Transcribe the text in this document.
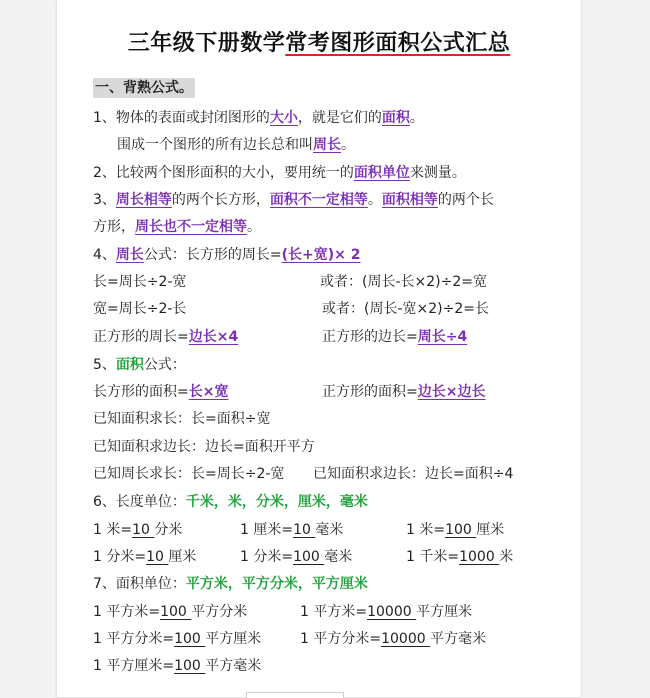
三年级下册数学常考图形面积公式汇总
一、背熟公式。
1、物体的表面或封闭图形的大小，就是它们的面积。
围成一个图形的所有边长总和叫周长。
2、比较两个图形面积的大小，要用统一的面积单位来测量。
3、周长相等的两个长方形，面积不一定相等。面积相等的两个长
方形，周长也不一定相等。
4、周长公式：长方形的周长=(长+宽)× 2
长=周长÷2-宽	或者：(周长-长×2)÷2=宽
宽=周长÷2-长	或者：(周长-宽×2)÷2=长
正方形的周长=边长×4	正方形的边长=周长÷4
5、面积公式：
长方形的面积=长×宽	正方形的面积=边长×边长
已知面积求长：长=面积÷宽
已知面积求边长：边长=面积开平方
已知周长求长：长=周长÷2-宽 已知面积求边长：边长=面积÷4
6、长度单位：千米，米，分米，厘米，毫米
1 米=10 分米	1 厘米=10 毫米	1 米=100 厘米
1 分米=10 厘米	1 分米=100 毫米	1 千米=1000 米
7、面积单位：平方米，平方分米，平方厘米
1 平方米=100 平方分米	1 平方米=10000 平方厘米
1 平方分米=100 平方厘米	1 平方分米=10000 平方毫米
1 平方厘米=100 平方毫米
